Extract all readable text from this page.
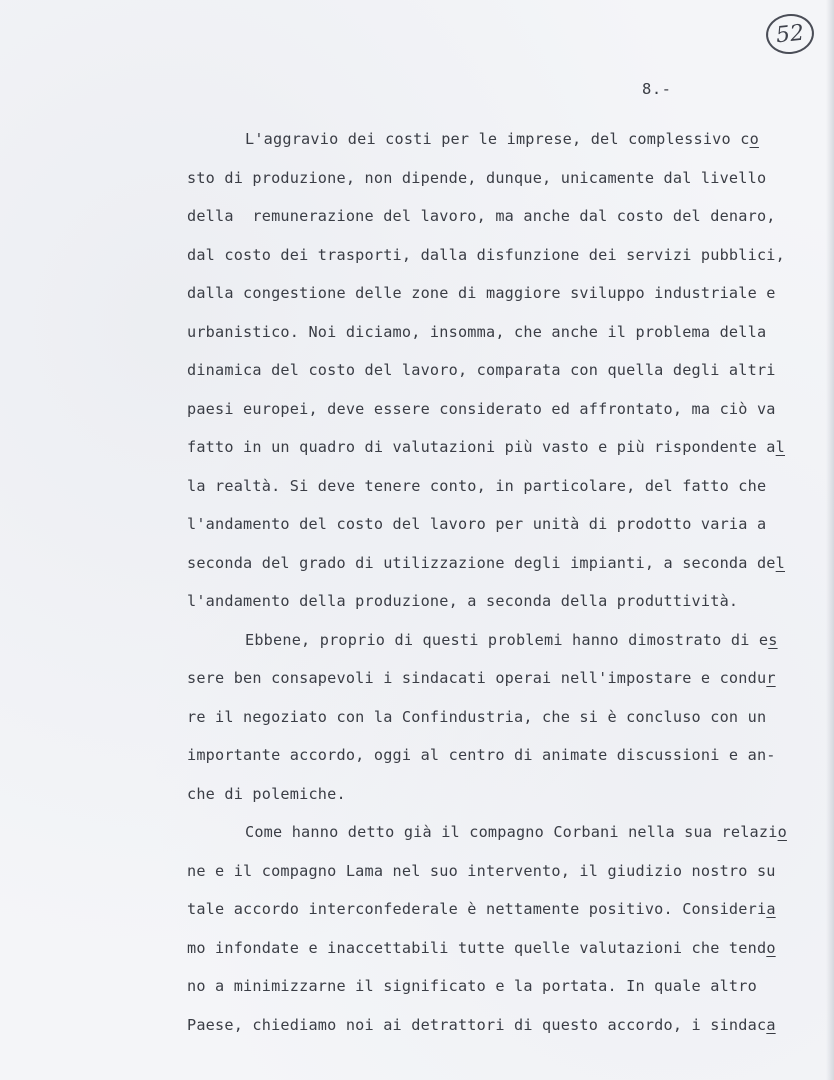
52
8.-
L'aggravio dei costi per le imprese, del complessivo co
sto di produzione, non dipende, dunque, unicamente dal livello
della  remunerazione del lavoro, ma anche dal costo del denaro,
dal costo dei trasporti, dalla disfunzione dei servizi pubblici,
dalla congestione delle zone di maggiore sviluppo industriale e
urbanistico. Noi diciamo, insomma, che anche il problema della
dinamica del costo del lavoro, comparata con quella degli altri
paesi europei, deve essere considerato ed affrontato, ma ciò va
fatto in un quadro di valutazioni più vasto e più rispondente al
la realtà. Si deve tenere conto, in particolare, del fatto che
l'andamento del costo del lavoro per unità di prodotto varia a
seconda del grado di utilizzazione degli impianti, a seconda del
l'andamento della produzione, a seconda della produttività.
Ebbene, proprio di questi problemi hanno dimostrato di es
sere ben consapevoli i sindacati operai nell'impostare e condur
re il negoziato con la Confindustria, che si è concluso con un
importante accordo, oggi al centro di animate discussioni e an-
che di polemiche.
Come hanno detto già il compagno Corbani nella sua relazio
ne e il compagno Lama nel suo intervento, il giudizio nostro su
tale accordo interconfederale è nettamente positivo. Consideria
mo infondate e inaccettabili tutte quelle valutazioni che tendo
no a minimizzarne il significato e la portata. In quale altro
Paese, chiediamo noi ai detrattori di questo accordo, i sindaca
